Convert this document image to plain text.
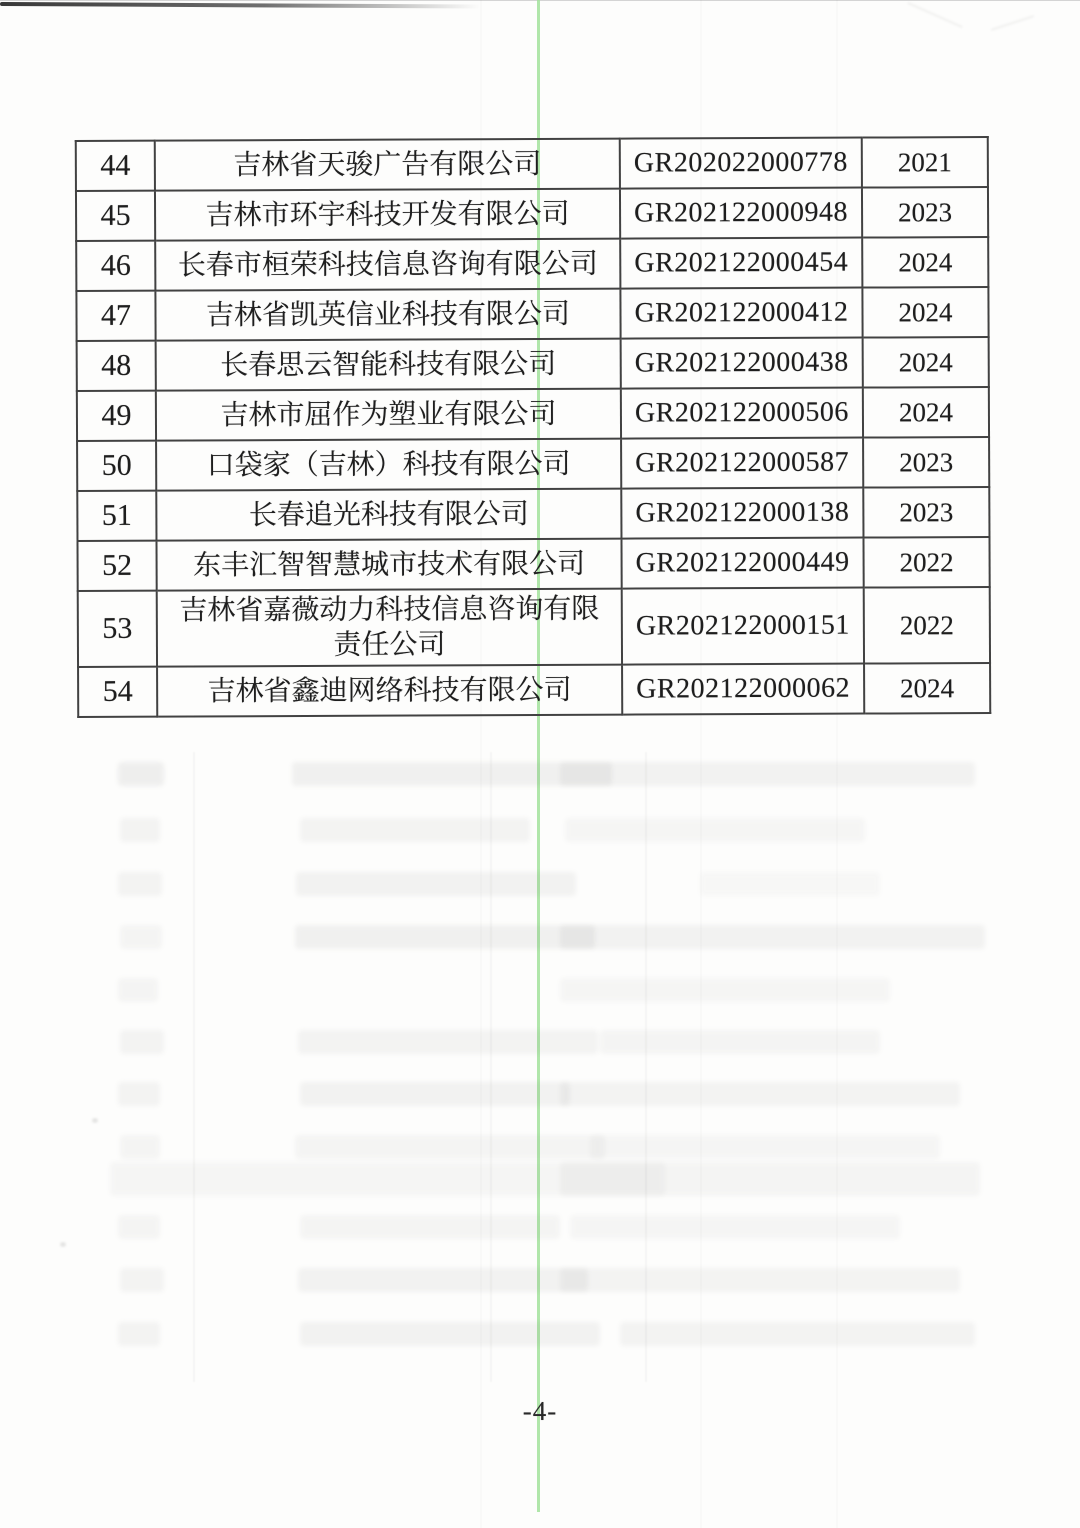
44	吉林省天骏广告有限公司	GR202022000778	2021
45	吉林市环宇科技开发有限公司	GR202122000948	2023
46	长春市桓荣科技信息咨询有限公司	GR202122000454	2024
47	吉林省凯英信业科技有限公司	GR202122000412	2024
48	长春思云智能科技有限公司	GR202122000438	2024
49	吉林市屈作为塑业有限公司	GR202122000506	2024
50	口袋家（吉林）科技有限公司	GR202122000587	2023
51	长春追光科技有限公司	GR202122000138	2023
52	东丰汇智智慧城市技术有限公司	GR202122000449	2022
53	吉林省嘉薇动力科技信息咨询有限责任公司	GR202122000151	2022
54	吉林省鑫迪网络科技有限公司	GR202122000062	2024
-4-
